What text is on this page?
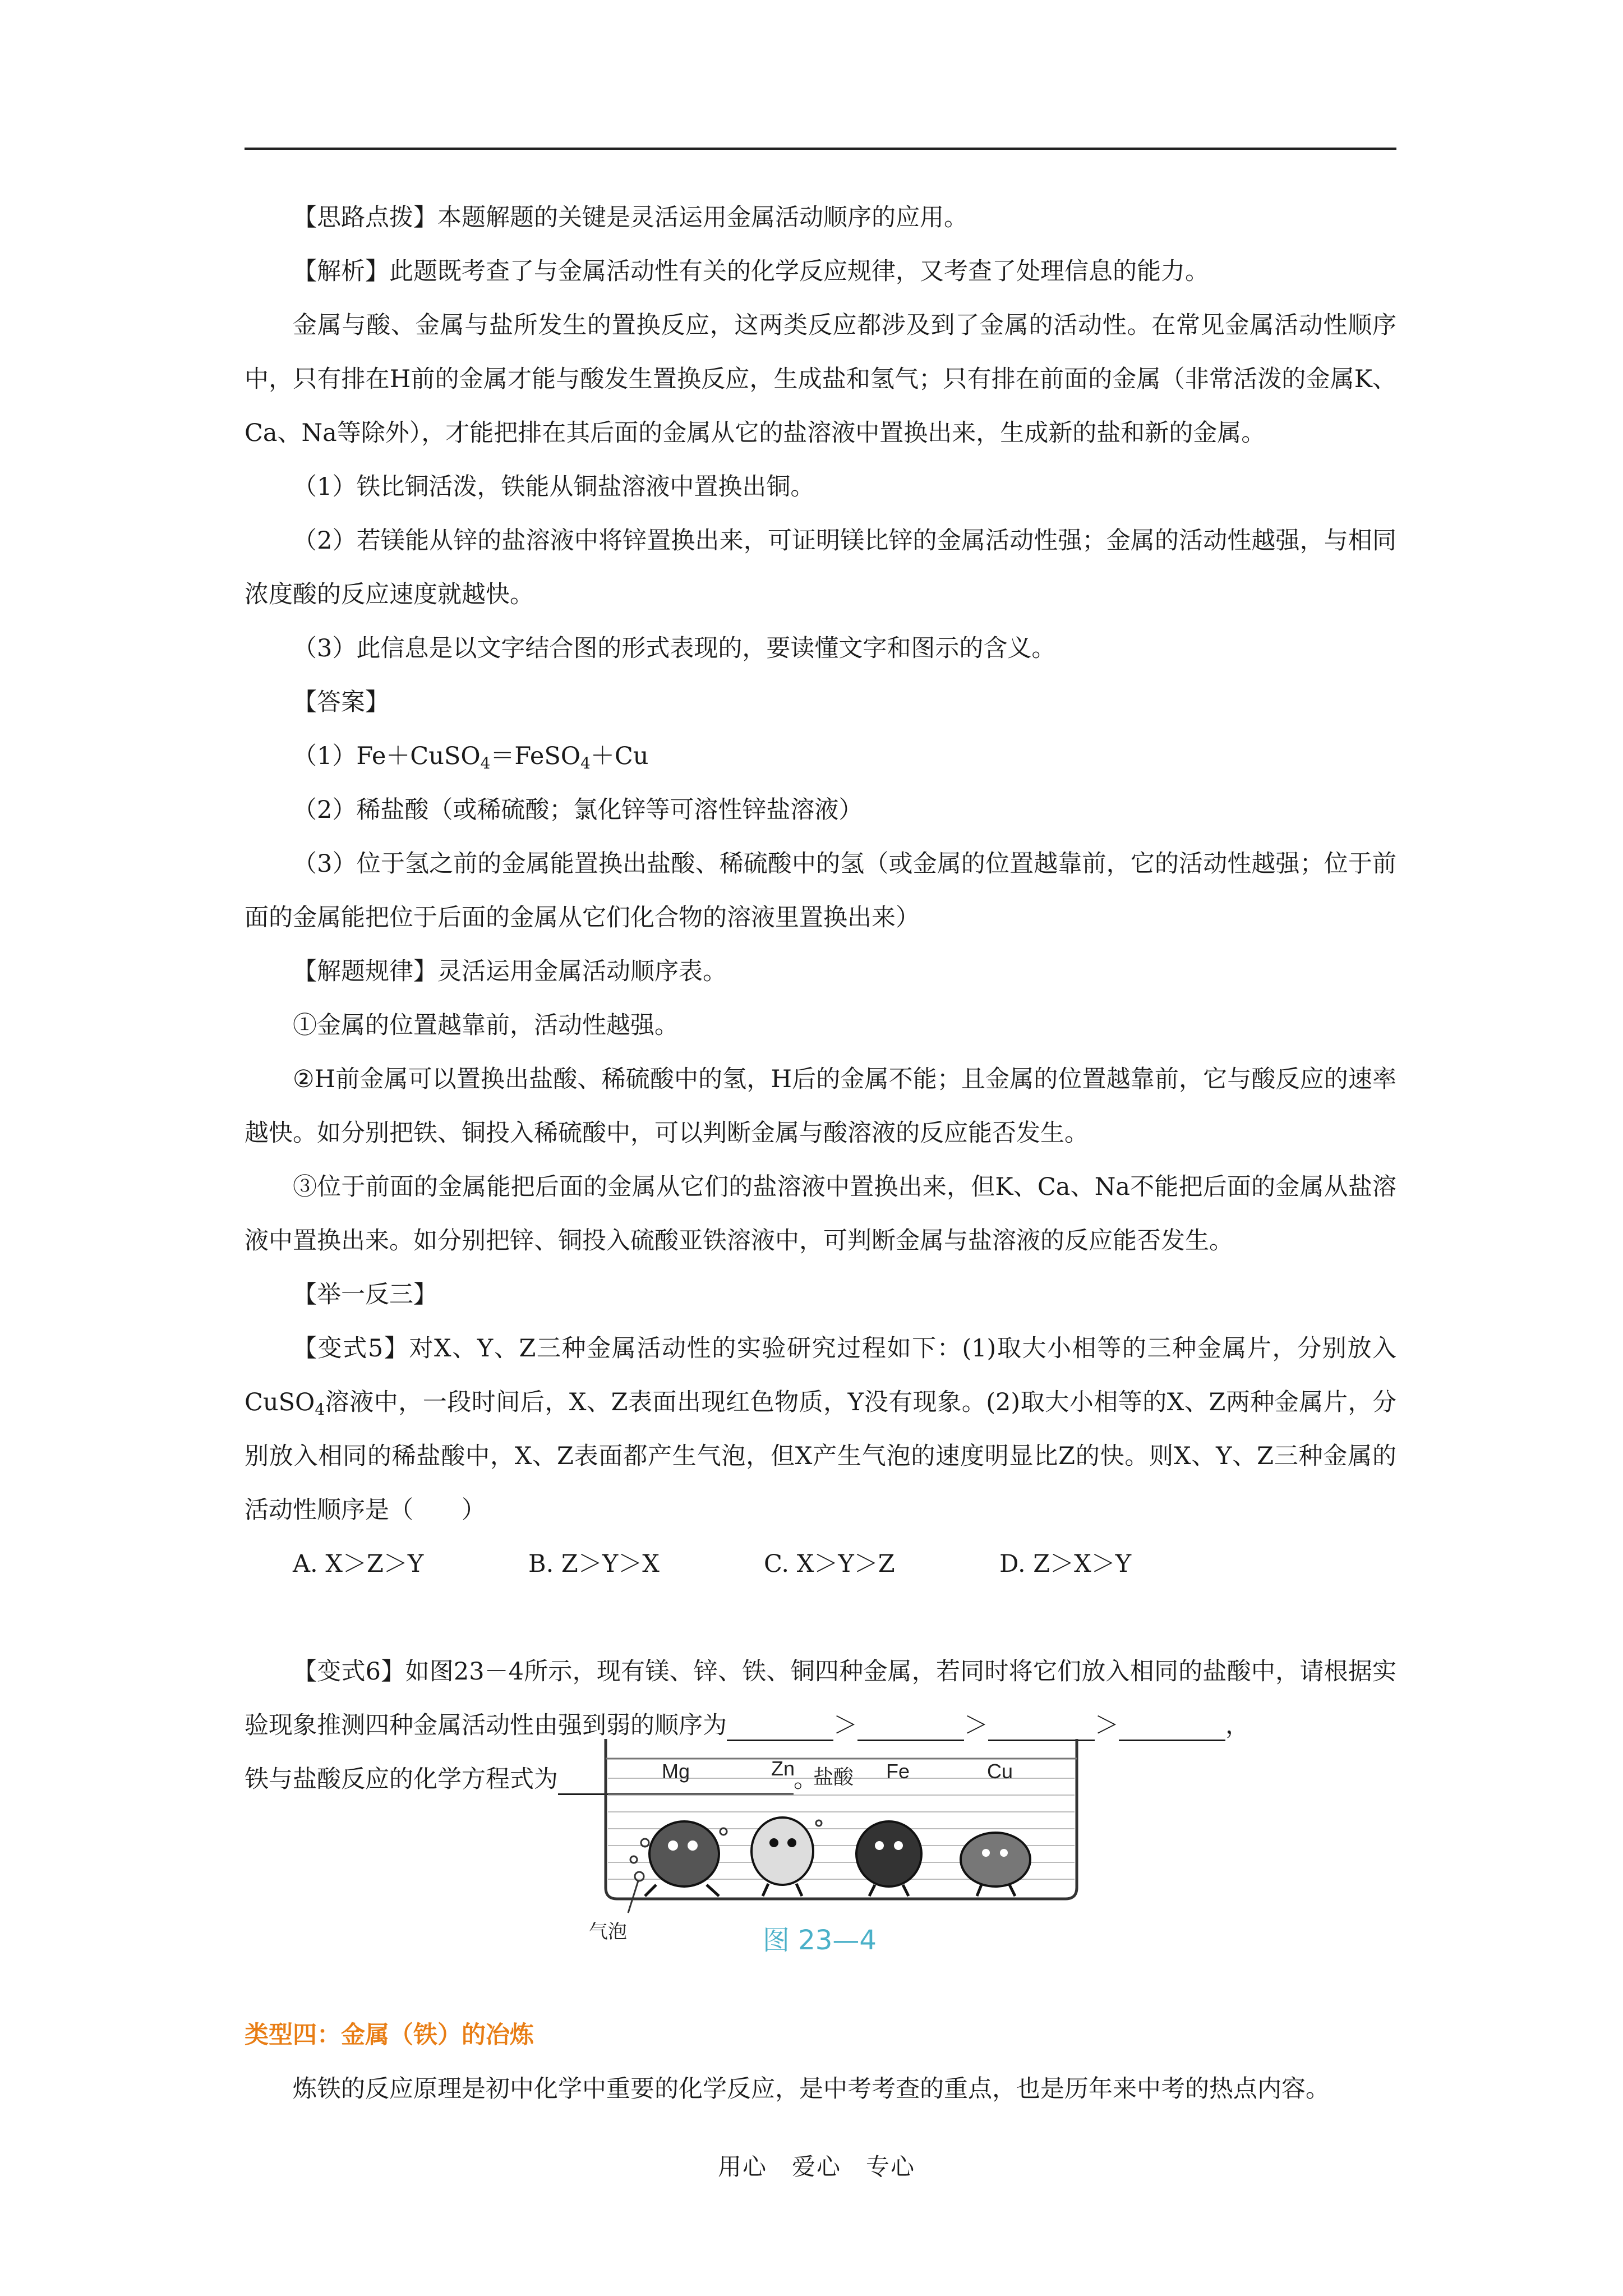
【思路点拨】本题解题的关键是灵活运用金属活动顺序的应用。

【解析】此题既考查了与金属活动性有关的化学反应规律，又考查了处理信息的能力。

金属与酸、金属与盐所发生的置换反应，这两类反应都涉及到了金属的活动性。在常见金属活动性顺序中，只有排在H前的金属才能与酸发生置换反应，生成盐和氢气；只有排在前面的金属（非常活泼的金属K、Ca、Na等除外），才能把排在其后面的金属从它的盐溶液中置换出来，生成新的盐和新的金属。

（1）铁比铜活泼，铁能从铜盐溶液中置换出铜。

（2）若镁能从锌的盐溶液中将锌置换出来，可证明镁比锌的金属活动性强；金属的活动性越强，与相同浓度酸的反应速度就越快。

（3）此信息是以文字结合图的形式表现的，要读懂文字和图示的含义。

【答案】

（1）Fe＋CuSO$_4$＝FeSO$_4$＋Cu

（2）稀盐酸（或稀硫酸；氯化锌等可溶性锌盐溶液）

（3）位于氢之前的金属能置换出盐酸、稀硫酸中的氢（或金属的位置越靠前，它的活动性越强；位于前面的金属能把位于后面的金属从它们化合物的溶液里置换出来）

【解题规律】灵活运用金属活动顺序表。

①金属的位置越靠前，活动性越强。

②H前金属可以置换出盐酸、稀硫酸中的氢，H后的金属不能；且金属的位置越靠前，它与酸反应的速率越快。如分别把铁、铜投入稀硫酸中，可以判断金属与酸溶液的反应能否发生。

③位于前面的金属能把后面的金属从它们的盐溶液中置换出来，但K、Ca、Na不能把后面的金属从盐溶液中置换出来。如分别把锌、铜投入硫酸亚铁溶液中，可判断金属与盐溶液的反应能否发生。

【举一反三】

【变式5】对X、Y、Z三种金属活动性的实验研究过程如下：(1)取大小相等的三种金属片，分别放入CuSO$_4$溶液中，一段时间后，X、Z表面出现红色物质，Y没有现象。(2)取大小相等的X、Z两种金属片，分别放入相同的稀盐酸中，X、Z表面都产生气泡，但X产生气泡的速度明显比Z的快。则X、Y、Z三种金属的活动性顺序是（　　）

A. X＞Z＞Y	B. Z＞Y＞X	C. X＞Y＞Z	D. Z＞X＞Y

【变式6】如图23－4所示，现有镁、锌、铁、铜四种金属，若同时将它们放入相同的盐酸中，请根据实验现象推测四种金属活动性由强到弱的顺序为	＞	＞	＞	，
铁与盐酸反应的化学方程式为	。

Mg	Zn 盐酸 Fe	Cu
气泡	图 23—4

类型四：金属（铁）的冶炼

炼铁的反应原理是初中化学中重要的化学反应，是中考考查的重点，也是历年来中考的热点内容。

用心　爱心　专心
